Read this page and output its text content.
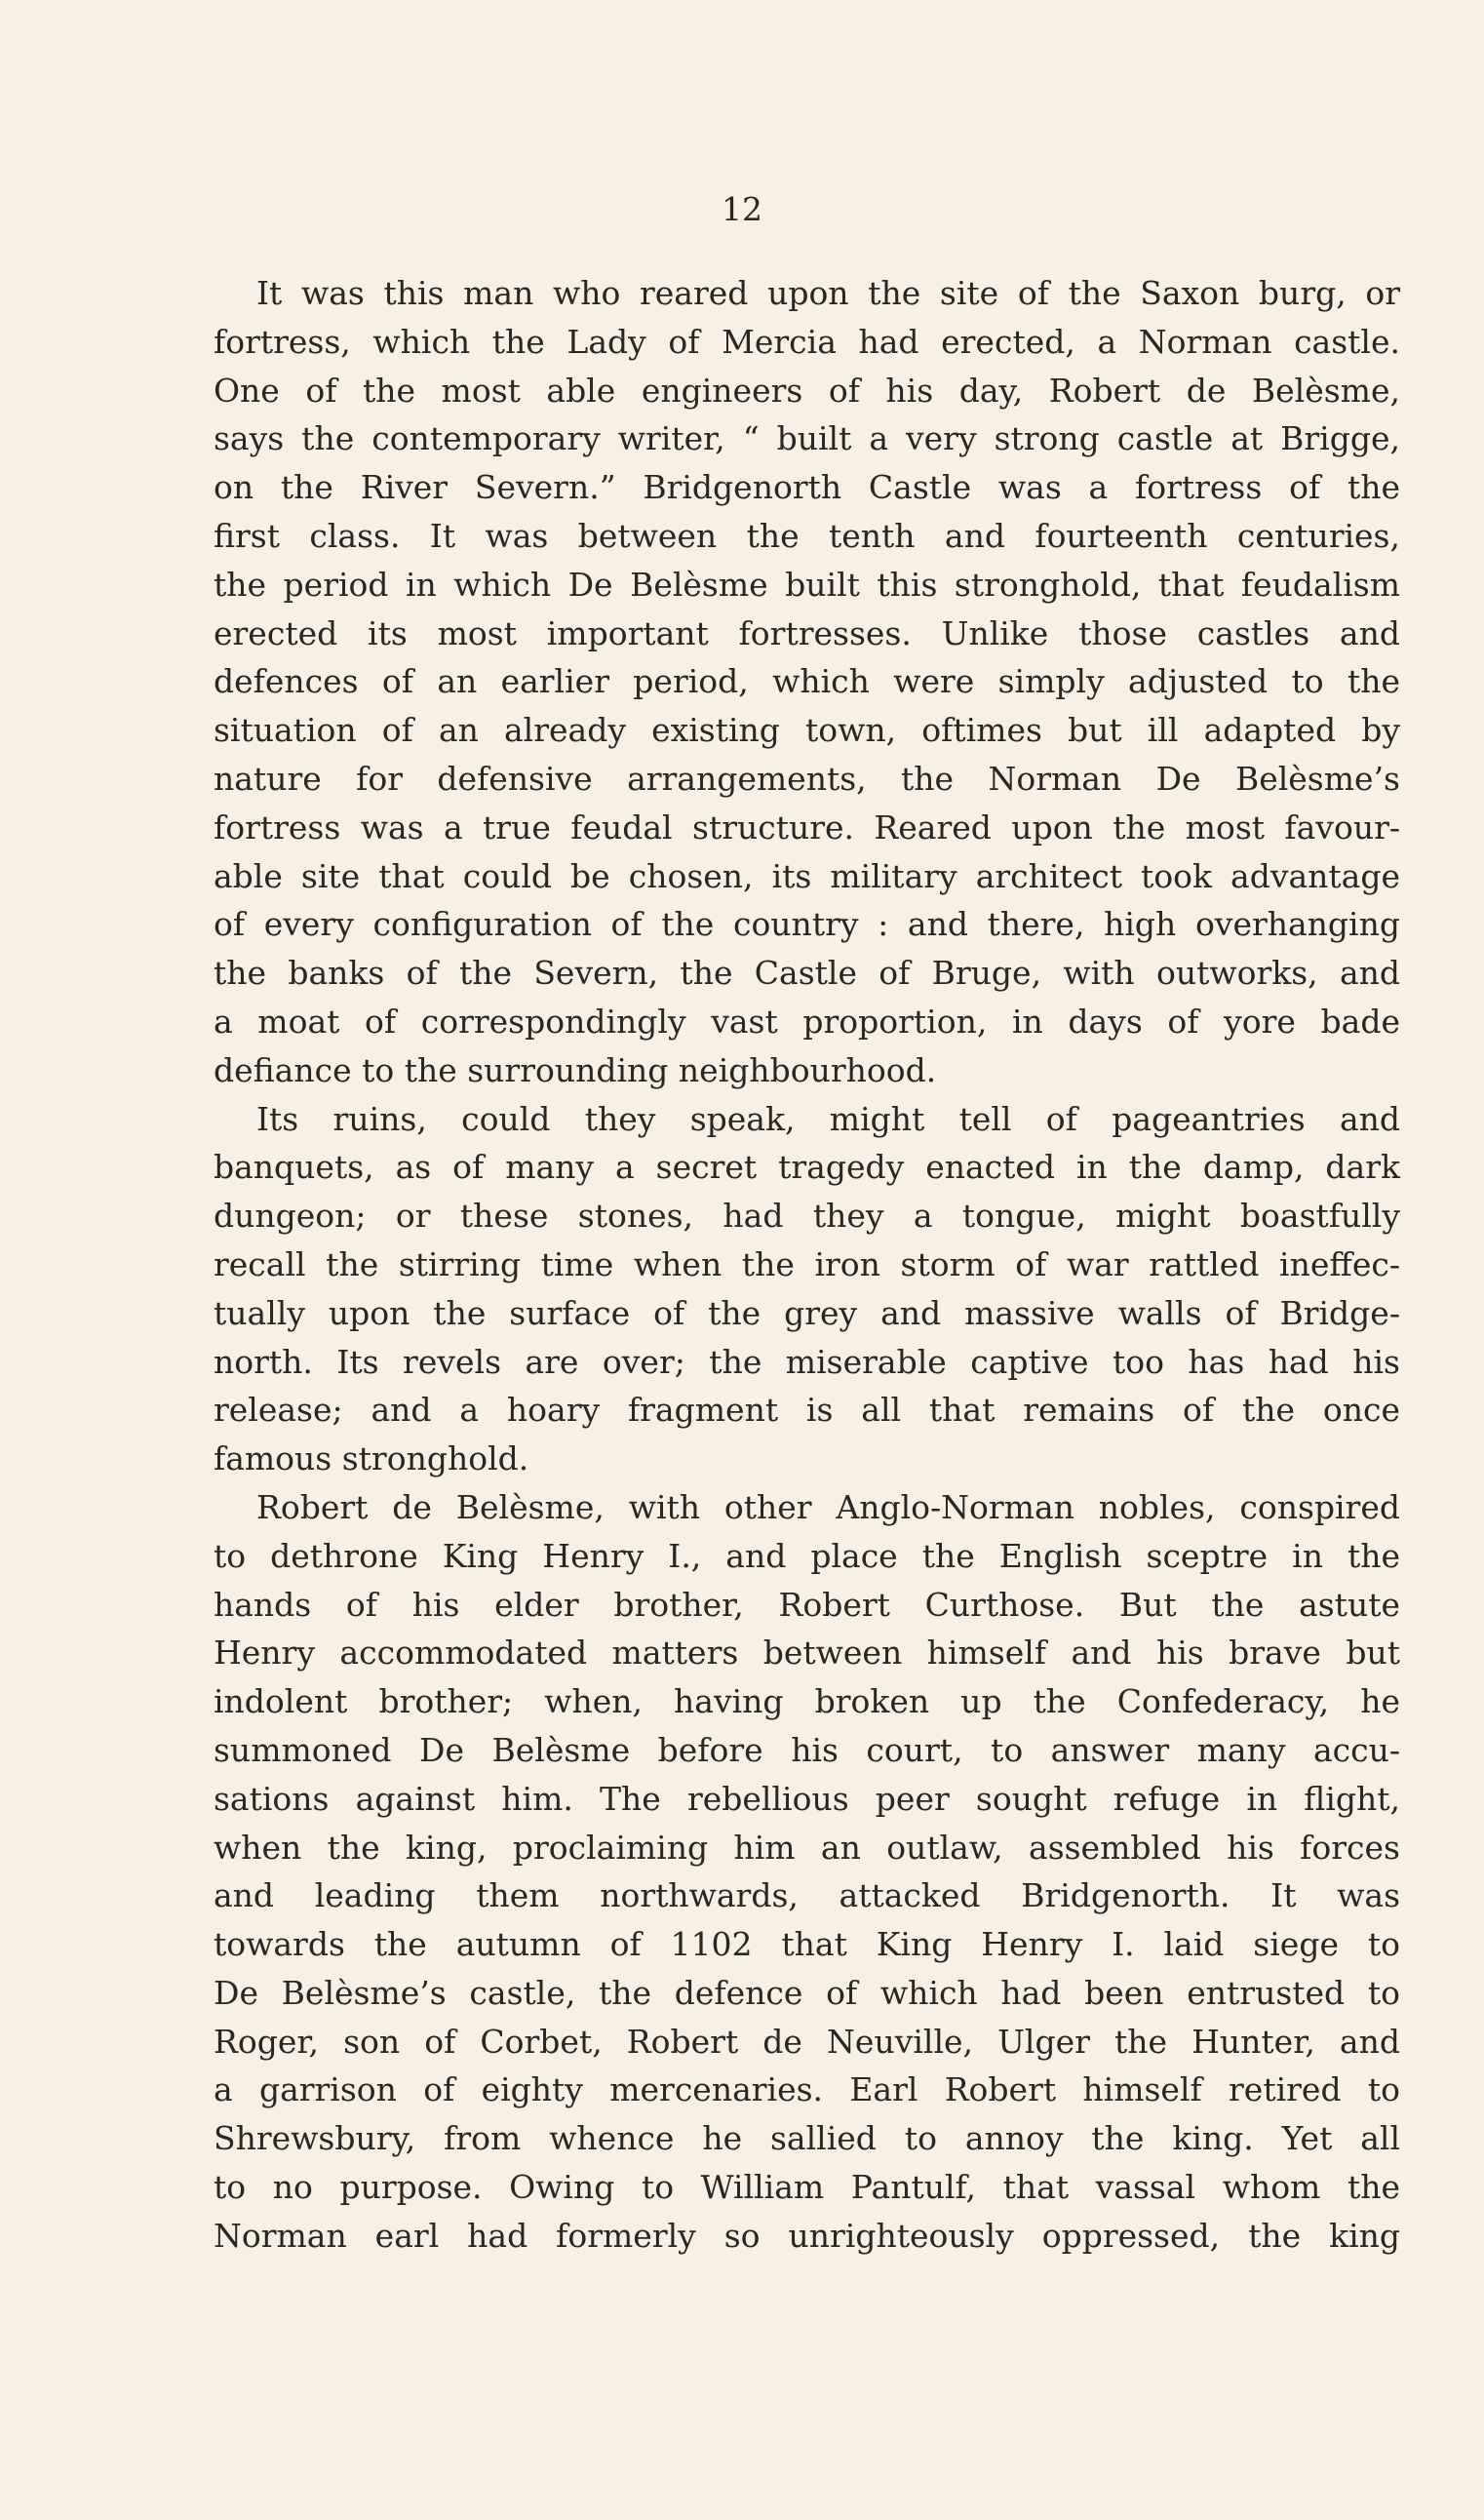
12
It was this man who reared upon the site of the Saxon burg, or
fortress, which the Lady of Mercia had erected, a Norman castle.
One of the most able engineers of his day, Robert de Belèsme,
says the contemporary writer, “ built a very strong castle at Brigge,
on the River Severn.” Bridgenorth Castle was a fortress of the
first class. It was between the tenth and fourteenth centuries,
the period in which De Belèsme built this stronghold, that feudalism
erected its most important fortresses. Unlike those castles and
defences of an earlier period, which were simply adjusted to the
situation of an already existing town, oftimes but ill adapted by
nature for defensive arrangements, the Norman De Belèsme’s
fortress was a true feudal structure. Reared upon the most favour-
able site that could be chosen, its military architect took advantage
of every configuration of the country : and there, high overhanging
the banks of the Severn, the Castle of Bruge, with outworks, and
a moat of correspondingly vast proportion, in days of yore bade
defiance to the surrounding neighbourhood.
Its ruins, could they speak, might tell of pageantries and
banquets, as of many a secret tragedy enacted in the damp, dark
dungeon; or these stones, had they a tongue, might boastfully
recall the stirring time when the iron storm of war rattled ineffec-
tually upon the surface of the grey and massive walls of Bridge-
north. Its revels are over; the miserable captive too has had his
release; and a hoary fragment is all that remains of the once
famous stronghold.
Robert de Belèsme, with other Anglo-Norman nobles, conspired
to dethrone King Henry I., and place the English sceptre in the
hands of his elder brother, Robert Curthose. But the astute
Henry accommodated matters between himself and his brave but
indolent brother; when, having broken up the Confederacy, he
summoned De Belèsme before his court, to answer many accu-
sations against him. The rebellious peer sought refuge in flight,
when the king, proclaiming him an outlaw, assembled his forces
and leading them northwards, attacked Bridgenorth. It was
towards the autumn of 1102 that King Henry I. laid siege to
De Belèsme’s castle, the defence of which had been entrusted to
Roger, son of Corbet, Robert de Neuville, Ulger the Hunter, and
a garrison of eighty mercenaries. Earl Robert himself retired to
Shrewsbury, from whence he sallied to annoy the king. Yet all
to no purpose. Owing to William Pantulf, that vassal whom the
Norman earl had formerly so unrighteously oppressed, the king
